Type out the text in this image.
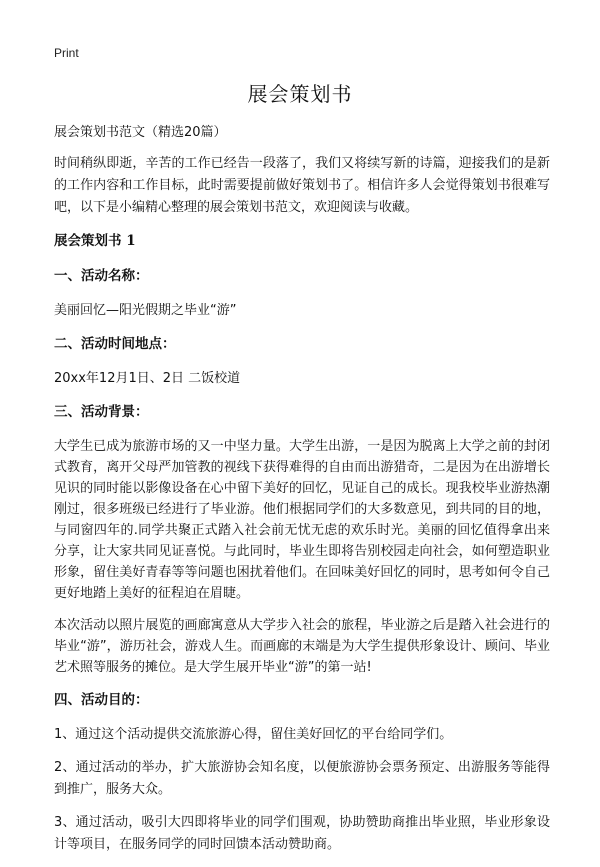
Print
展会策划书

展会策划书范文（精选20篇）

时间稍纵即逝，辛苦的工作已经告一段落了，我们又将续写新的诗篇，迎接我们的是新的工作内容和工作目标，此时需要提前做好策划书了。相信许多人会觉得策划书很难写吧，以下是小编精心整理的展会策划书范文，欢迎阅读与收藏。

展会策划书 1
一、活动名称：

美丽回忆—阳光假期之毕业“游”

二、活动时间地点：

20xx年12月1日、2日 二饭校道

三、活动背景：

大学生已成为旅游市场的又一中坚力量。大学生出游，一是因为脱离上大学之前的封闭式教育，离开父母严加管教的视线下获得难得的自由而出游猎奇，二是因为在出游增长见识的同时能以影像设备在心中留下美好的回忆，见证自己的成长。现我校毕业游热潮刚过，很多班级已经进行了毕业游。他们根据同学们的大多数意见，到共同的目的地，与同窗四年的.同学共聚正式踏入社会前无忧无虑的欢乐时光。美丽的回忆值得拿出来分享，让大家共同见证喜悦。与此同时，毕业生即将告别校园走向社会，如何塑造职业形象，留住美好青春等等问题也困扰着他们。在回味美好回忆的同时，思考如何令自己更好地踏上美好的征程迫在眉睫。

本次活动以照片展览的画廊寓意从大学步入社会的旅程，毕业游之后是踏入社会进行的毕业“游”，游历社会，游戏人生。而画廊的末端是为大学生提供形象设计、顾问、毕业艺术照等服务的摊位。是大学生展开毕业“游”的第一站!

四、活动目的：

1、通过这个活动提供交流旅游心得，留住美好回忆的平台给同学们。

2、通过活动的举办，扩大旅游协会知名度，以便旅游协会票务预定、出游服务等能得到推广，服务大众。

3、通过活动，吸引大四即将毕业的同学们围观，协助赞助商推出毕业照，毕业形象设计等项目，在服务同学的同时回馈本活动赞助商。
